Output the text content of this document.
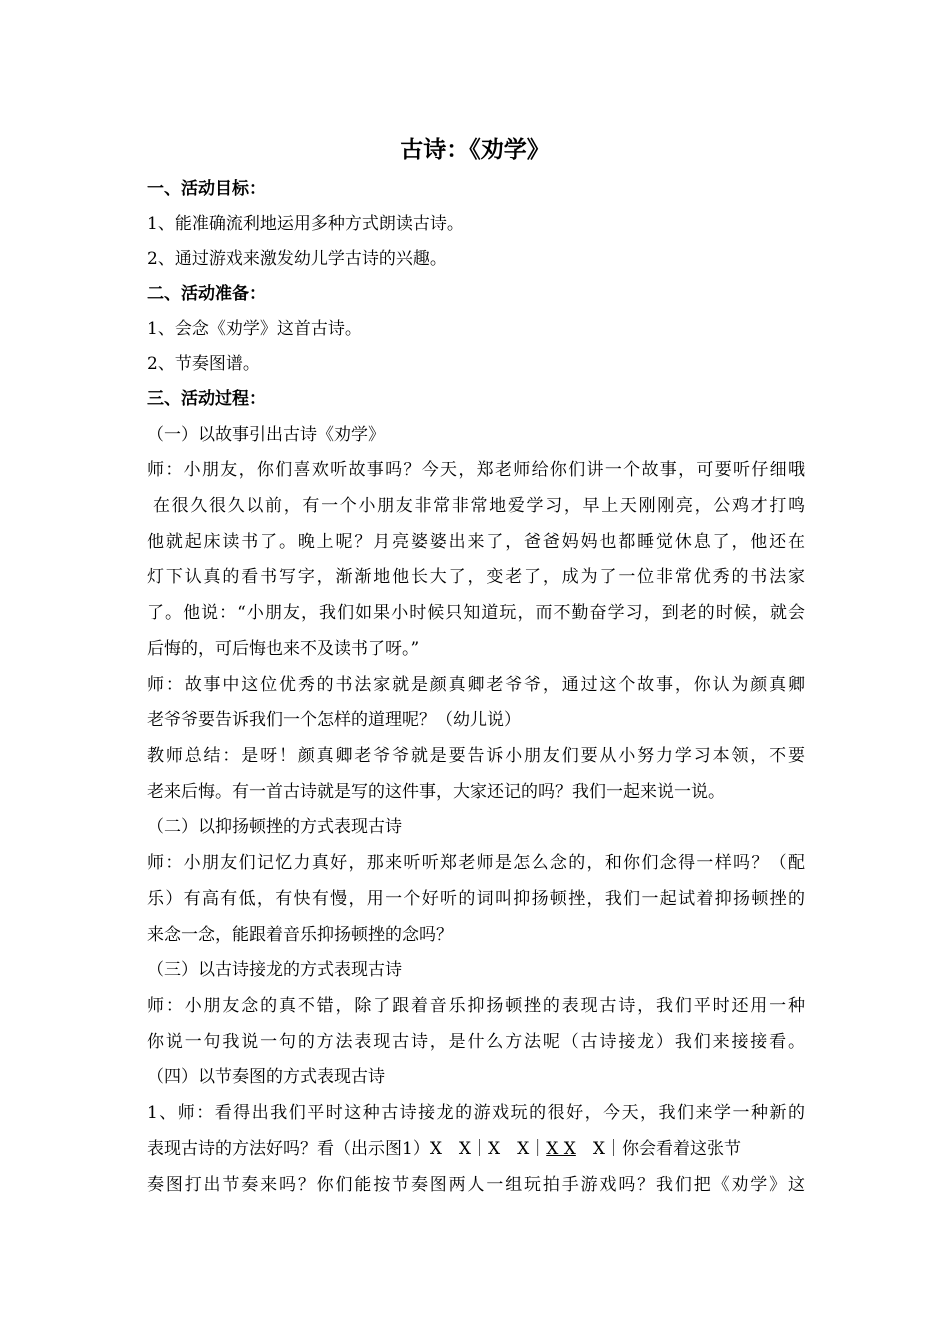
古诗：《劝学》
一、活动目标：
1、能准确流利地运用多种方式朗读古诗。
2、通过游戏来激发幼儿学古诗的兴趣。
二、活动准备：
1、会念《劝学》这首古诗。
2、节奏图谱。
三、活动过程：
（一）以故事引出古诗《劝学》
师：小朋友，你们喜欢听故事吗？今天，郑老师给你们讲一个故事，可要听仔细哦
在很久很久以前，有一个小朋友非常非常地爱学习，早上天刚刚亮，公鸡才打鸣
他就起床读书了。晚上呢？月亮婆婆出来了，爸爸妈妈也都睡觉休息了，他还在
灯下认真的看书写字，渐渐地他长大了，变老了，成为了一位非常优秀的书法家
了。他说：“小朋友，我们如果小时候只知道玩，而不勤奋学习，到老的时候，就会
后悔的，可后悔也来不及读书了呀。”
师：故事中这位优秀的书法家就是颜真卿老爷爷，通过这个故事，你认为颜真卿
老爷爷要告诉我们一个怎样的道理呢？（幼儿说）
教师总结：是呀！颜真卿老爷爷就是要告诉小朋友们要从小努力学习本领，不要
老来后悔。有一首古诗就是写的这件事，大家还记的吗？我们一起来说一说。
（二）以抑扬顿挫的方式表现古诗
师：小朋友们记忆力真好，那来听听郑老师是怎么念的，和你们念得一样吗？（配
乐）有高有低，有快有慢，用一个好听的词叫抑扬顿挫，我们一起试着抑扬顿挫的
来念一念，能跟着音乐抑扬顿挫的念吗？
（三）以古诗接龙的方式表现古诗
师：小朋友念的真不错，除了跟着音乐抑扬顿挫的表现古诗，我们平时还用一种
你说一句我说一句的方法表现古诗，是什么方法呢（古诗接龙）我们来接接看。
（四）以节奏图的方式表现古诗
1、师：看得出我们平时这种古诗接龙的游戏玩的很好，今天，我们来学一种新的
表现古诗的方法好吗？看（出示图1）X　X｜X　X｜X X　X｜你会看着这张节
奏图打出节奏来吗？你们能按节奏图两人一组玩拍手游戏吗？我们把《劝学》这
